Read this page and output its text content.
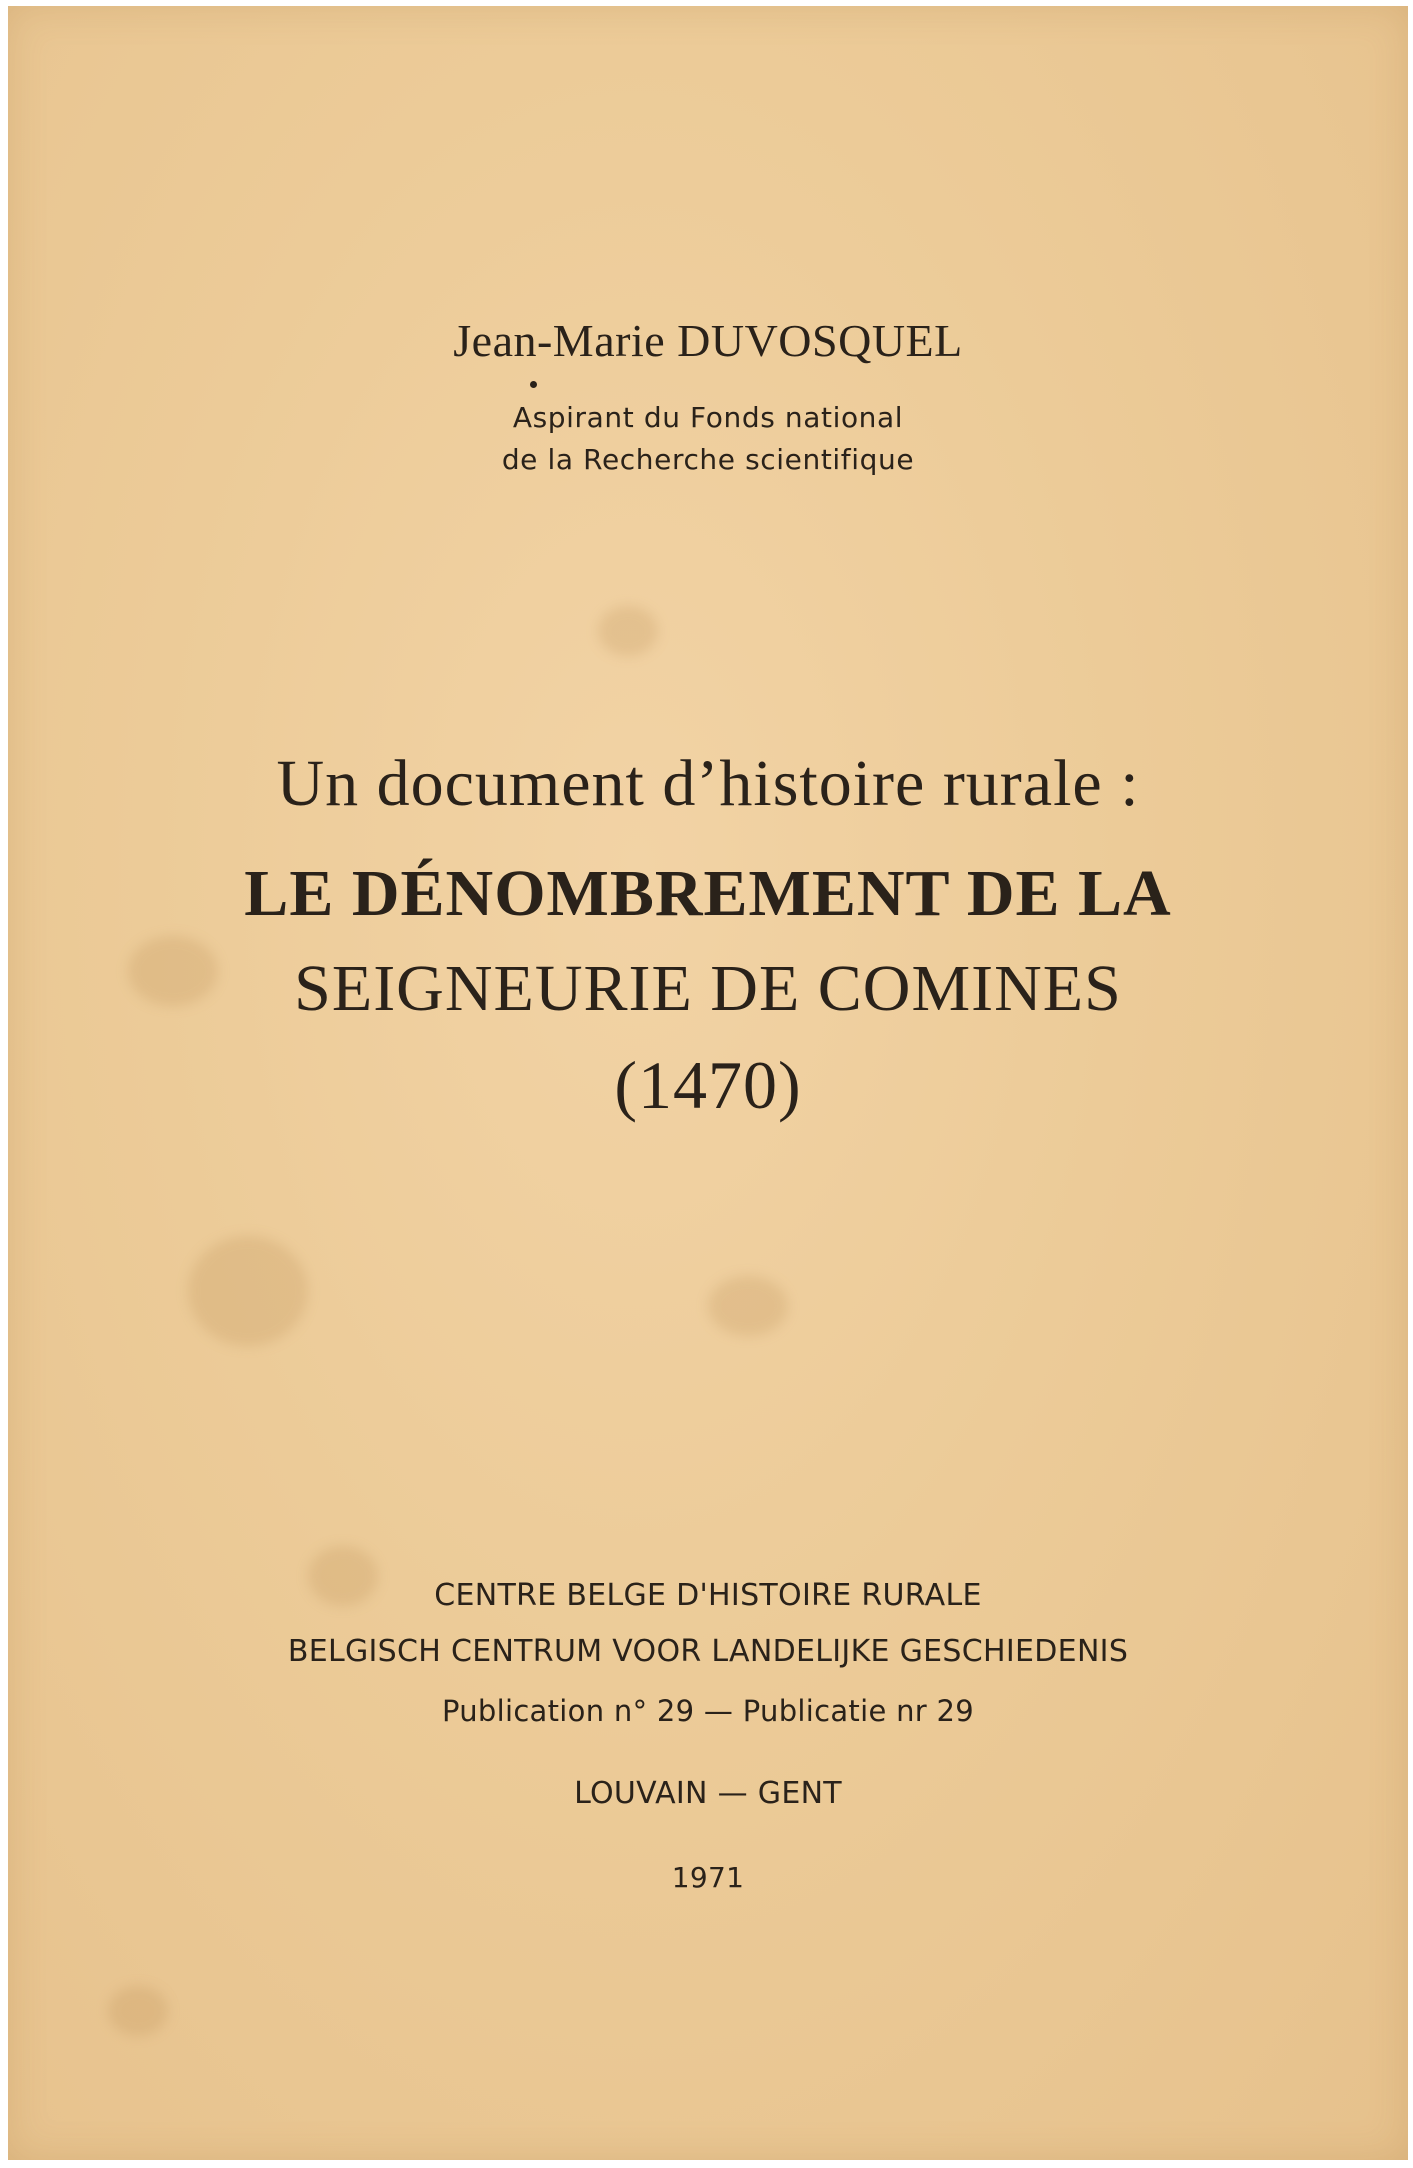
Jean-Marie DUVOSQUEL
Aspirant du Fonds national
de la Recherche scientifique
Un document d’histoire rurale :
LE DÉNOMBREMENT DE LA
SEIGNEURIE DE COMINES
(1470)
CENTRE BELGE D'HISTOIRE RURALE
BELGISCH CENTRUM VOOR LANDELIJKE GESCHIEDENIS
Publication n° 29 — Publicatie nr 29
LOUVAIN — GENT
1971
